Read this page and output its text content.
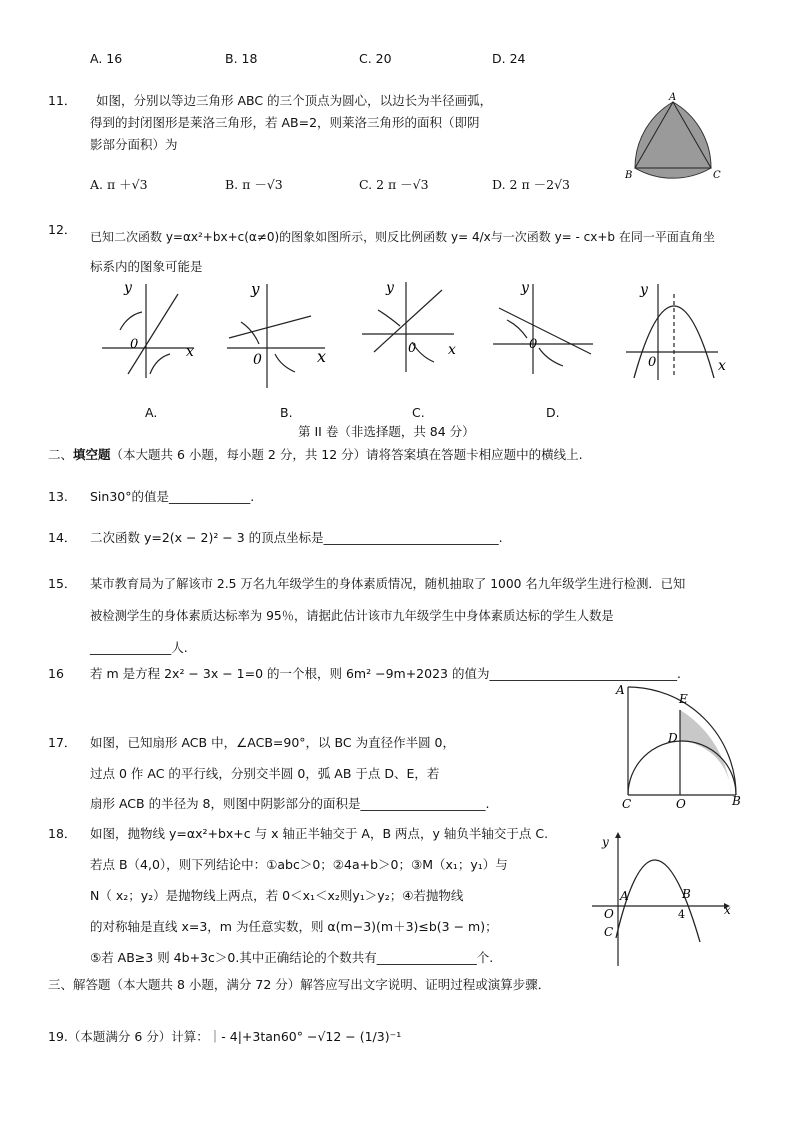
A. 16	B. 18	C. 20	D. 24
11． 如图，分别以等边三角形 ABC 的三个顶点为圆心，以边长为半径画弧，
得到的封闭图形是莱洛三角形，若 AB=2，则莱洛三角形的面积（即阴
影部分面积）为
A. π ＋√3	B. π －√3	C. 2 π －√3	D. 2 π －2√3
A
B	C
12． 已知二次函数 y=αx²+bx+c(α≠0)的图象如图所示，则反比例函数 y= 4/x与一次函数 y= - cx+b 在同一平面直角坐
标系内的图象可能是
y
x
0
A.
y
x
0
B.
y
x
0
C.
y
0
D.
y
x
0
第 II 卷（非选择题，共 84 分）
二、填空题（本大题共 6 小题，每小题 2 分，共 12 分）请将答案填在答题卡相应题中的横线上.
13. Sin30°的值是_____________.
14． 二次函数 y=2(x − 2)² − 3 的顶点坐标是____________________________.
15． 某市教育局为了解该市 2.5 万名九年级学生的身体素质情况，随机抽取了 1000 名九年级学生进行检测．已知
被检测学生的身体素质达标率为 95％，请据此估计该市九年级学生中身体素质达标的学生人数是
_____________人.
16 若 m 是方程 2x² − 3x − 1=0 的一个根，则 6m² −9m+2023 的值为______________________________.
17． 如图，已知扇形 ACB 中，∠ACB=90°，以 BC 为直径作半圆 0，
过点 0 作 AC 的平行线，分别交半圆 0，弧 AB 于点 D、E，若
扇形 ACB 的半径为 8，则图中阴影部分的面积是____________________.
A
E
D
C	O	B
18． 如图，抛物线 y=αx²+bx+c 与 x 轴正半轴交于 A，B 两点，y 轴负半轴交于点 C.
若点 B（4,0），则下列结论中：①abc＞0；②4a+b＞0；③M（x₁；y₁）与
N（ x₂；y₂）是抛物线上两点，若 0＜x₁＜x₂则y₁＞y₂；④若抛物线
的对称轴是直线 x=3，m 为任意实数，则 α(m−3)(m＋3)≤b(3 − m)；
⑤若 AB≥3 则 4b+3c＞0.其中正确结论的个数共有________________个.
y
A	B
O	4
C
x
三、解答题（本大题共 8 小题，满分 72 分）解答应写出文字说明、证明过程或演算步骤．
19.（本题满分 6 分）计算：｜- 4|+3tan60° −√12 − (1/3)⁻¹
